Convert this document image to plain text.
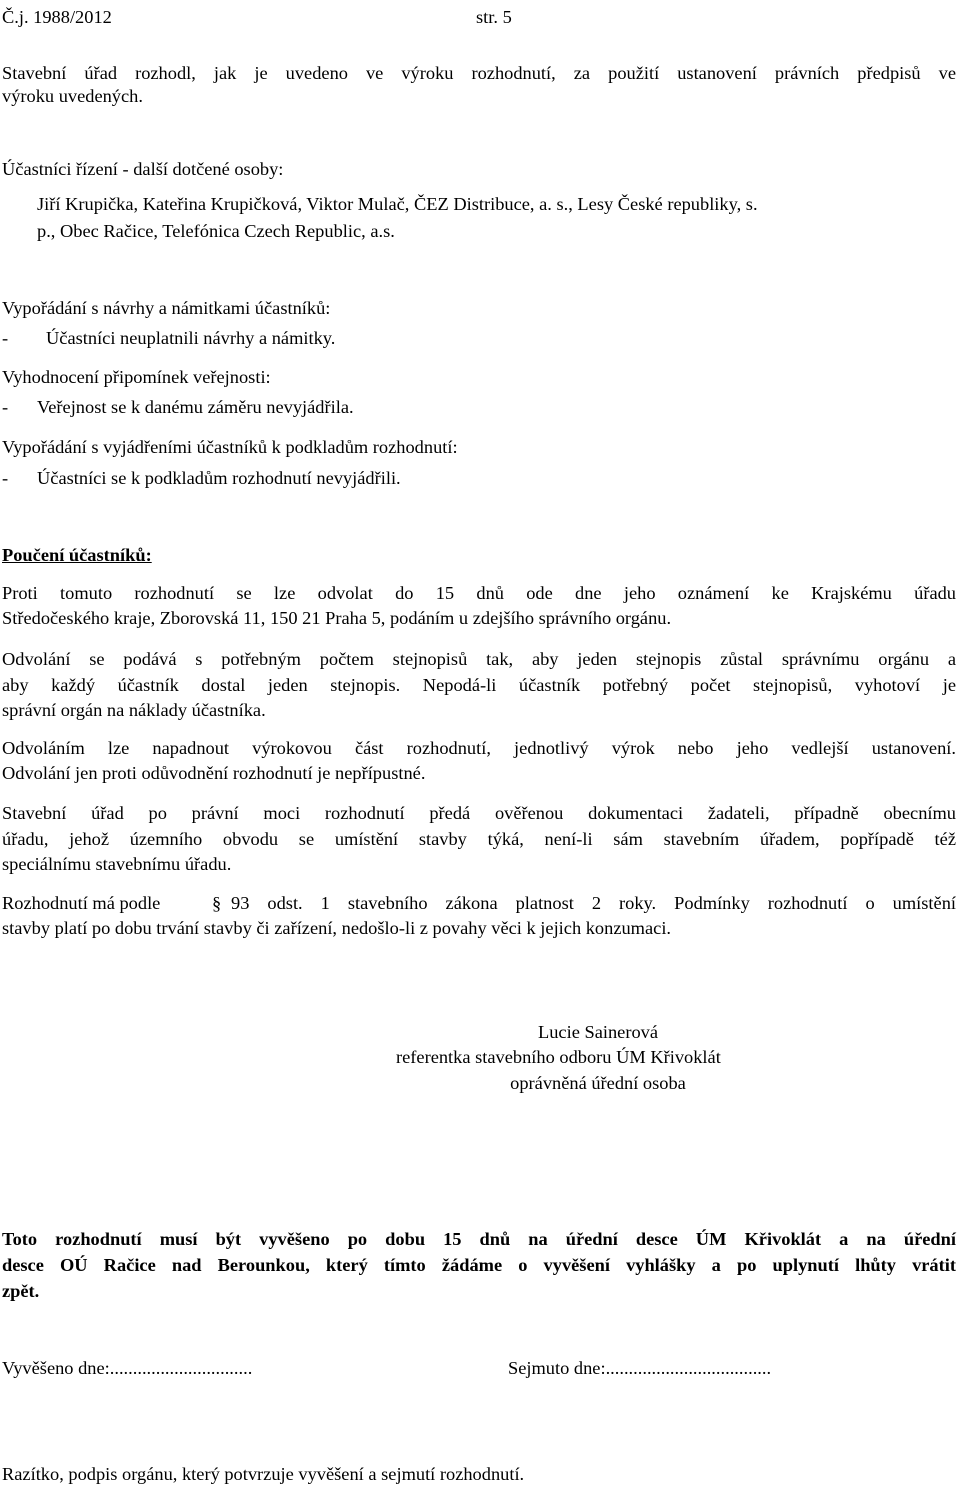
Č.j. 1988/2012	str. 5
Stavební úřad rozhodl, jak je uvedeno ve výroku rozhodnutí, za použití ustanovení právních předpisů ve
výroku uvedených.
Účastníci řízení - další dotčené osoby:
Jiří Krupička, Kateřina Krupičková, Viktor Mulač, ČEZ Distribuce, a. s., Lesy České republiky, s.
p., Obec Račice, Telefónica Czech Republic, a.s.
Vypořádání s návrhy a námitkami účastníků:
- Účastníci neuplatnili návrhy a námitky.
Vyhodnocení připomínek veřejnosti:
- Veřejnost se k danému záměru nevyjádřila.
Vypořádání s vyjádřeními účastníků k podkladům rozhodnutí:
- Účastníci se k podkladům rozhodnutí nevyjádřili.
Poučení účastníků:
Proti tomuto rozhodnutí se lze odvolat do 15 dnů ode dne jeho oznámení ke Krajskému úřadu
Středočeského kraje, Zborovská 11, 150 21 Praha 5, podáním u zdejšího správního orgánu.
Odvolání se podává s potřebným počtem stejnopisů tak, aby jeden stejnopis zůstal správnímu orgánu a
aby každý účastník dostal jeden stejnopis. Nepodá-li účastník potřebný počet stejnopisů, vyhotoví je
správní orgán na náklady účastníka.
Odvoláním lze napadnout výrokovou část rozhodnutí, jednotlivý výrok nebo jeho vedlejší ustanovení.
Odvolání jen proti odůvodnění rozhodnutí je nepřípustné.
Stavební úřad po právní moci rozhodnutí předá ověřenou dokumentaci žadateli, případně obecnímu
úřadu, jehož územního obvodu se umístění stavby týká, není-li sám stavebním úřadem, popřípadě též
speciálnímu stavebnímu úřadu.
Rozhodnutí má podle	§ 93 odst. 1 stavebního zákona platnost 2 roky. Podmínky rozhodnutí o umístění
stavby platí po dobu trvání stavby či zařízení, nedošlo-li z povahy věci k jejich konzumaci.
Lucie Sainerová
referentka stavebního odboru ÚM Křivoklát
oprávněná úřední osoba
Toto rozhodnutí musí být vyvěšeno po dobu 15 dnů na úřední desce ÚM Křivoklát a na úřední
desce OÚ Račice nad Berounkou, který tímto žádáme o vyvěšení vyhlášky a po uplynutí lhůty vrátit
zpět.
Vyvěšeno dne:...............................	Sejmuto dne:....................................
Razítko, podpis orgánu, který potvrzuje vyvěšení a sejmutí rozhodnutí.
